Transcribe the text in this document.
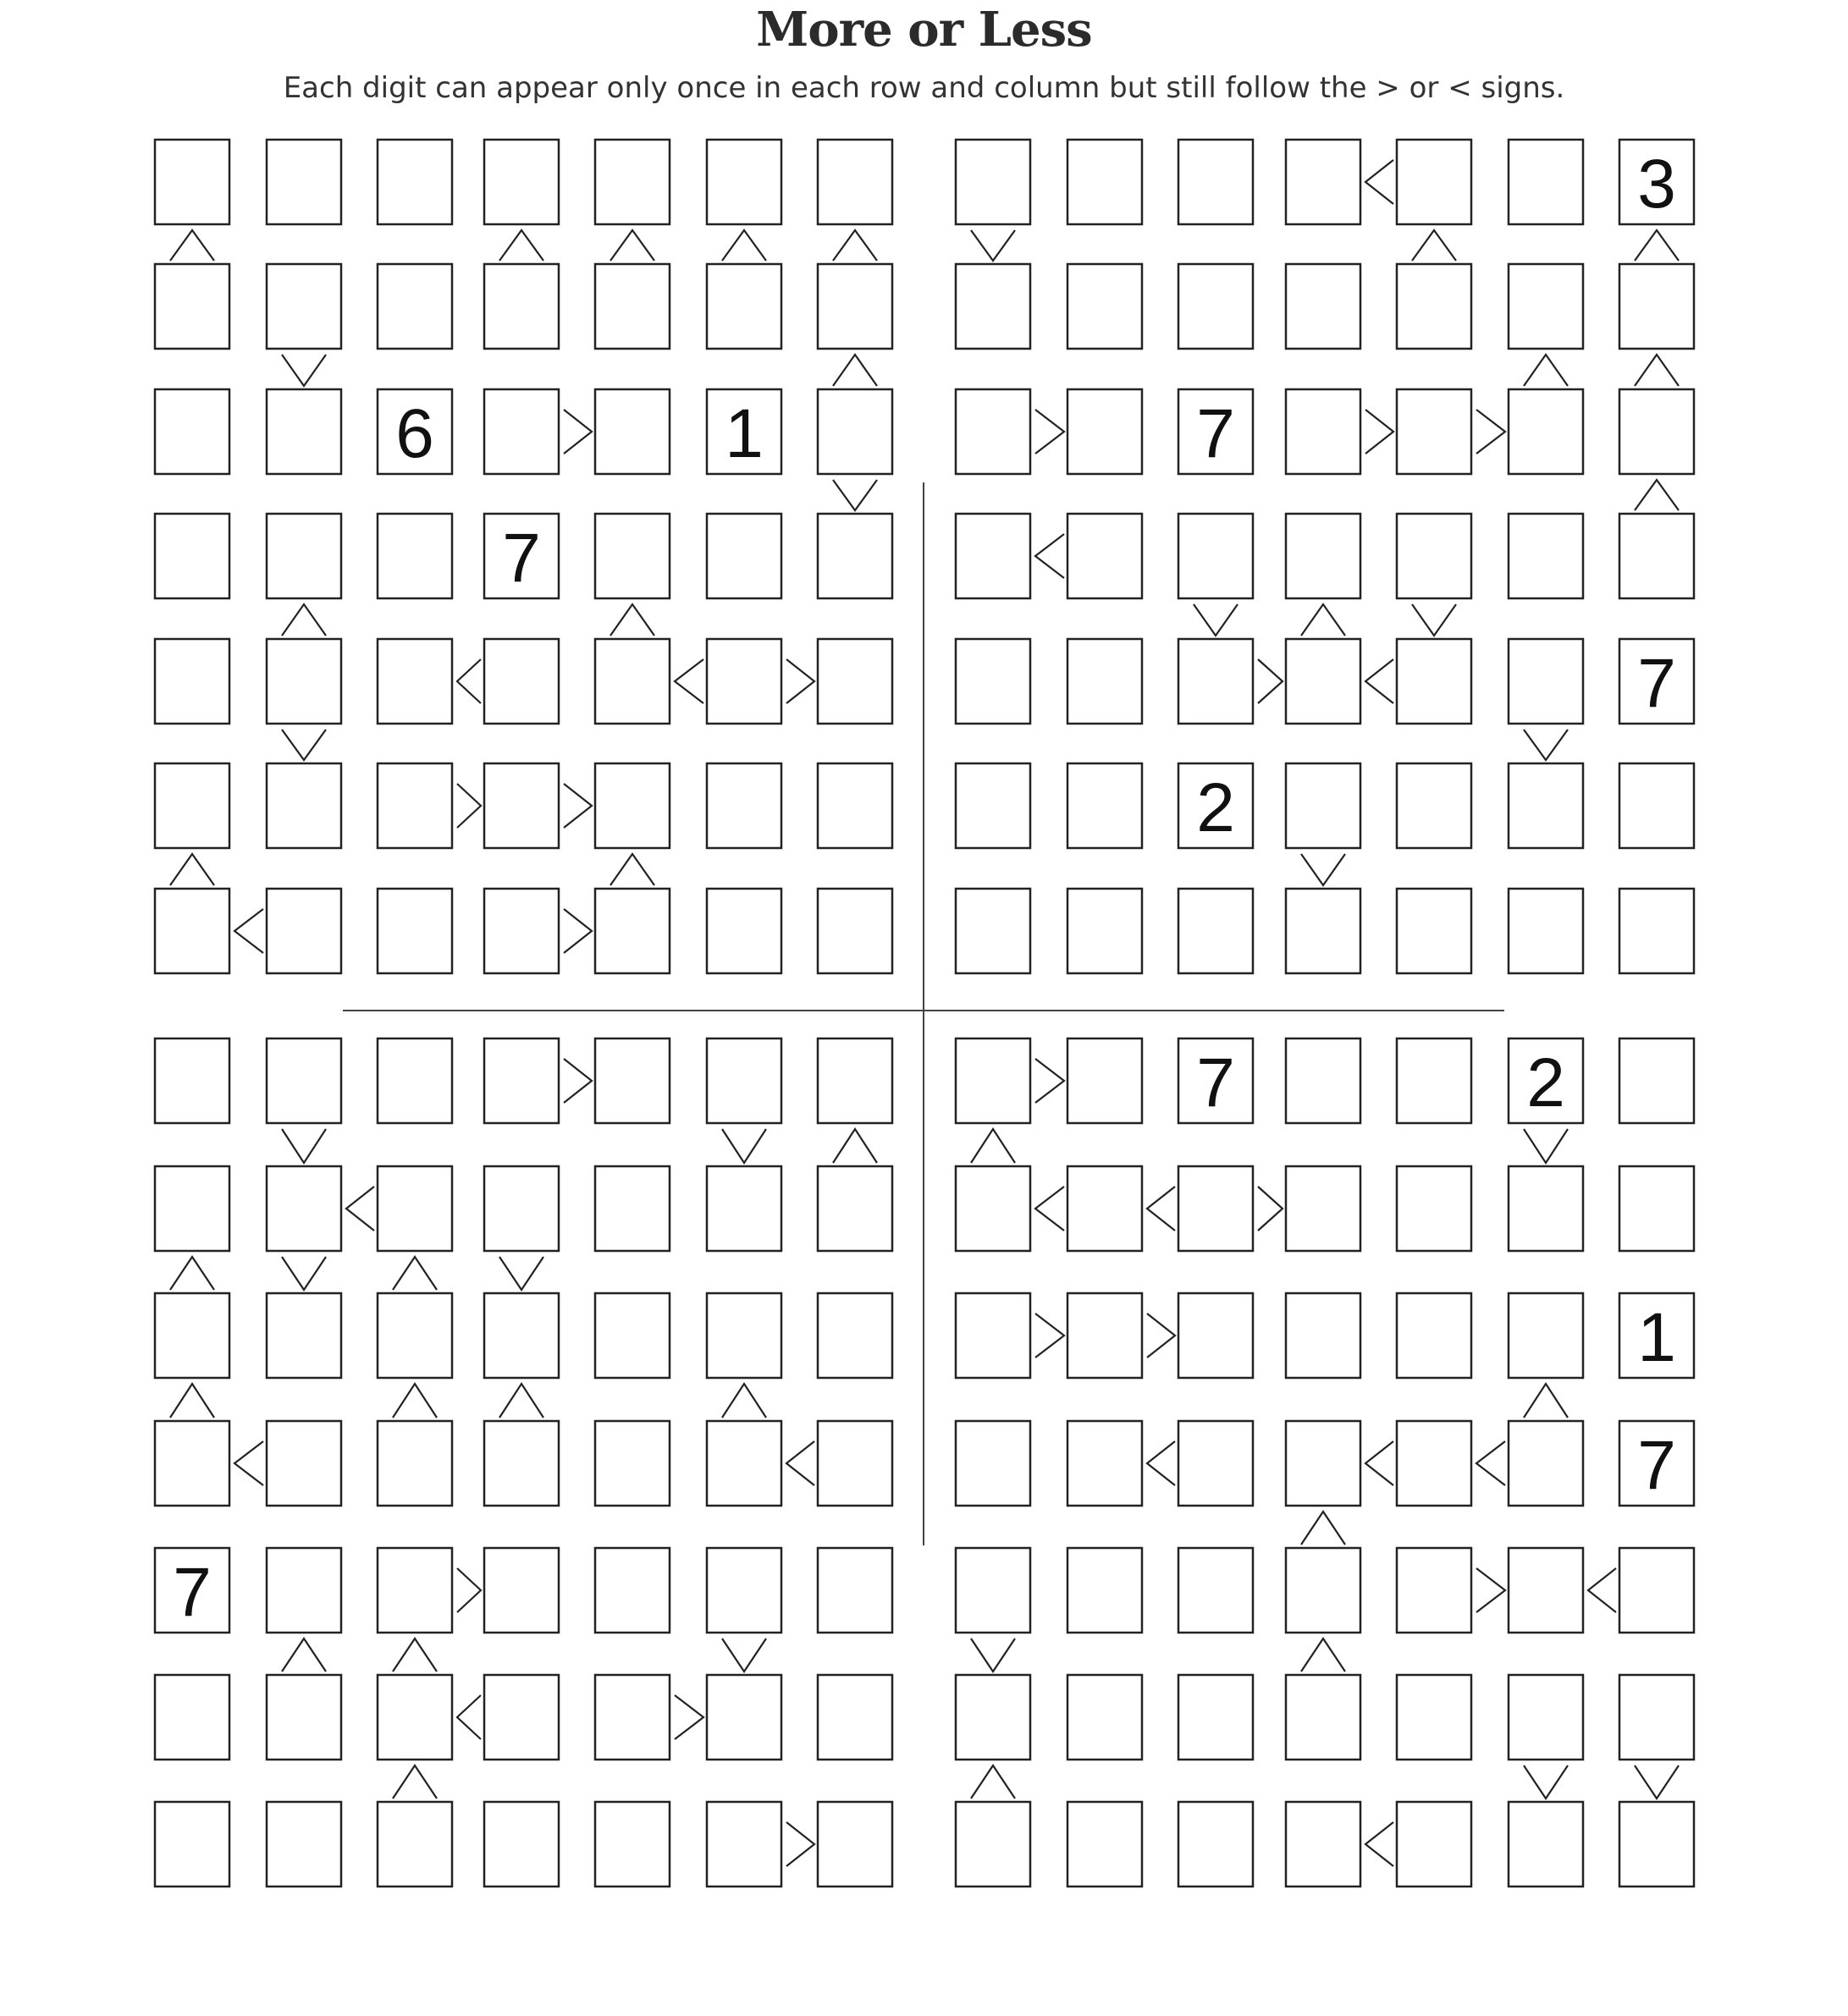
More or Less
Each digit can appear only once in each row and column but still follow the > or < signs.
6	1
7
3
7
7
2
7
7	2
1
7
